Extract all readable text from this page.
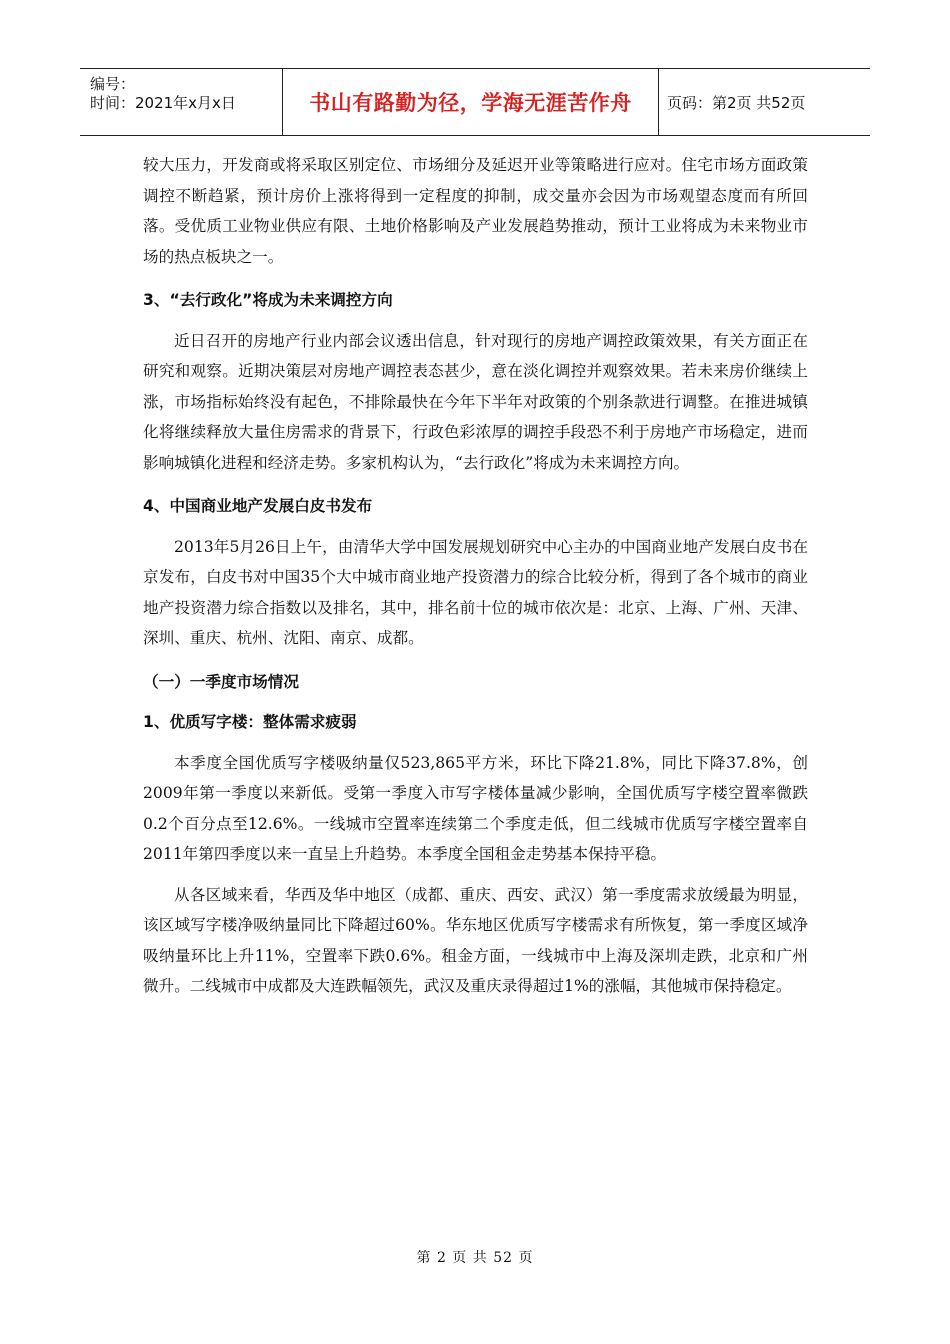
编号：
时间：2021年x月x日	书山有路勤为径，学海无涯苦作舟	页码：第2页 共52页

较大压力，开发商或将采取区别定位、市场细分及延迟开业等策略进行应对。住宅市场方面政策调控不断趋紧，预计房价上涨将得到一定程度的抑制，成交量亦会因为市场观望态度而有所回落。受优质工业物业供应有限、土地价格影响及产业发展趋势推动，预计工业将成为未来物业市场的热点板块之一。

3、“去行政化”将成为未来调控方向

近日召开的房地产行业内部会议透出信息，针对现行的房地产调控政策效果，有关方面正在研究和观察。近期决策层对房地产调控表态甚少，意在淡化调控并观察效果。若未来房价继续上涨，市场指标始终没有起色，不排除最快在今年下半年对政策的个别条款进行调整。在推进城镇化将继续释放大量住房需求的背景下，行政色彩浓厚的调控手段恐不利于房地产市场稳定，进而影响城镇化进程和经济走势。多家机构认为，“去行政化”将成为未来调控方向。

4、中国商业地产发展白皮书发布

2013年5月26日上午，由清华大学中国发展规划研究中心主办的中国商业地产发展白皮书在京发布，白皮书对中国35个大中城市商业地产投资潜力的综合比较分析，得到了各个城市的商业地产投资潜力综合指数以及排名，其中，排名前十位的城市依次是：北京、上海、广州、天津、深圳、重庆、杭州、沈阳、南京、成都。

（一）一季度市场情况

1、优质写字楼：整体需求疲弱

本季度全国优质写字楼吸纳量仅523,865平方米，环比下降21.8%，同比下降37.8%，创2009年第一季度以来新低。受第一季度入市写字楼体量减少影响，全国优质写字楼空置率微跌0.2个百分点至12.6%。一线城市空置率连续第二个季度走低，但二线城市优质写字楼空置率自2011年第四季度以来一直呈上升趋势。本季度全国租金走势基本保持平稳。

从各区域来看，华西及华中地区（成都、重庆、西安、武汉）第一季度需求放缓最为明显，该区域写字楼净吸纳量同比下降超过60%。华东地区优质写字楼需求有所恢复，第一季度区域净吸纳量环比上升11%，空置率下跌0.6%。租金方面，一线城市中上海及深圳走跌，北京和广州微升。二线城市中成都及大连跌幅领先，武汉及重庆录得超过1%的涨幅，其他城市保持稳定。

第 2 页 共 52 页
